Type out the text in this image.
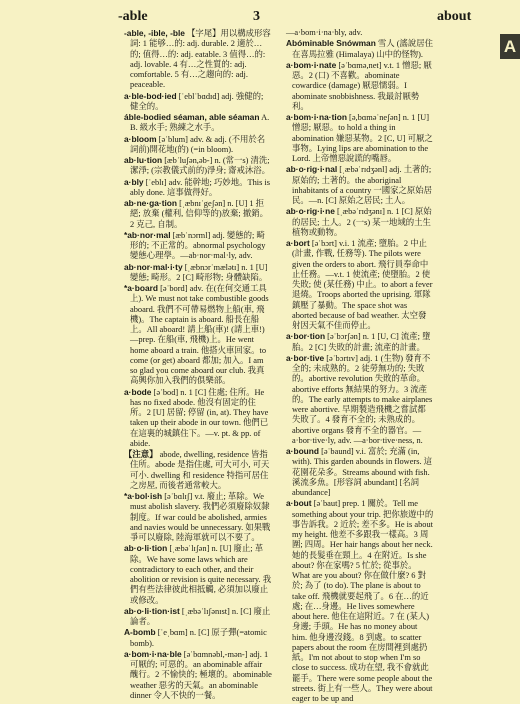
-able	3	about
A

-able, -ible, -ble 【字尾】用以構成形容詞: 1 能够…的: adj. durable. 2 適於…的; 值得…的: adj. eatable. 3 值得…的: adj. lovable. 4 有…之性質的: adj. comfortable. 5 有…之趨向的: adj. peaceable.

a·ble-bod·ied [ˈeblˈbɑdɪd] adj. 強健的; 健全的。

áble-bodied séaman, able séaman A. B. 級水手; 熟練之水手。

a·bloom [əˈblum] adv. & adj. (不用於名詞前)開花地(的) (=in bloom).

ab·lu·tion [æbˈluʃən,əb-] n. (常一s) 清洗; 潔淨; (宗教儀式前的)淨身; 齋戒沐浴。

a·bly [ˈeblɪ] adv. 能幹地; 巧妙地。This is ably done. 這事做得好。

ab·ne·ga·tion [ˌæbnɪˈgeʃən] n. [U] 1 拒絕; 放棄 (權利, 信仰等的)放棄; 撤銷。2 克己, 自制。

*ab·nor·mal [æbˈnɔrml] adj. 變態的; 畸形的; 不正常的。abnormal psychology 變態心理學。—ab·nor·mal·ly, adv.

ab·nor·mal·i·ty [ˌæbnɔrˈmælətɪ] n. 1 [U] 變態; 畸形。2 [C] 畸形物; 身體缺陷。

*a·board [əˈbord] adv. 在(在何交通工具上). We must not take combustible goods aboard. 我們不可帶易燃物上船(車, 飛機)。The captain is aboard. 船長在船上。All aboard! 請上船(車)! (請上車!)—prep. 在船(車, 飛機)上。He went home aboard a train. 他搭火車回家。to come (or get) aboard 都加; 加入。I am so glad you come aboard our club. 我真高興你加入我們的俱樂部。

a·bode [əˈbod] n. 1 [C] 住處; 住所。He has no fixed abode. 他沒有固定的住所。2 [U] 居留; 停留 (in, at). They have taken up their abode in our town. 他們已在這裏的城鎮住下。—v. pt. & pp. of abide.

【注意】 abode, dwelling, residence 皆指住所。abode 是指住處, 可大可小, 可天可小. dwelling 和 residence 特指可居住之房屋, 而後者通常較大。

*a·bol·ish [əˈbɑlɪʃ] v.t. 廢止; 革除。We must abolish slavery. 我們必須廢除奴隸制度。If war could be abolished, armies and navies would be unnecessary. 如果戰爭可以廢除, 陸海軍就可以不要了。

ab·o·li·tion [ˌæbəˈlɪʃən] n. [U] 廢止; 革除。We have some laws which are contradictory to each other, and their abolition or revision is quite necessary. 我們有些法律彼此相抵觸, 必須加以廢止或修改。

ab·o·li·tion·ist [ˌæbəˈlɪʃənɪst] n. [C] 廢止論者。

A-bomb [ˈeˌbɑm] n. [C] 原子彈(=atomic bomb).

a·bom·i·na·ble [əˈbɑmnəbl,-mən-] adj. 1 可厭的; 可惡的。an abominable affair 醜行。2 不愉快的; 極壞的。abominable weather 惡劣的天氣。an abominable dinner 令人不快的一餐。

—a·bom·i·na·bly, adv.

Abóminable Snówman 雪人 (謠說居住在喜馬拉雅 (Himalaya) 山中的怪物).

a·bom·i·nate [əˈbɑmə,net] v.t. 1 憎惡; 厭惡。2 (口) 不喜歡。abominate cowardice (damage) 厭惡懦弱。I abominate snobbishness. 我最討厭勢利。

a·bom·i·na·tion [ə,bɑməˈneʃən] n. 1 [U] 憎惡; 厭惡。to hold a thing in abomination 嫌惡某物。2 [C, U] 可厭之事物。Lying lips are abomination to the Lord. 上帝憎惡說謊的嘴唇。

ab·o·rig·i·nal [ˌæbəˈrɪdʒənl] adj. 土著的; 原始的; 土著的。the aboriginal inhabitants of a country 一國家之原始居民。—n. [C] 原始之居民; 土人。

ab·o·rig·i·ne [ˌæbəˈrɪdʒənɪ] n. 1 [C] 原始的居民; 土人。2 (一s) 某一地域的土生植物或動物。

a·bort [əˈbɔrt] v.i. 1 流產; 墮胎。2 中止 (計畫, 作戰, 任務等). The pilots were given the orders to abort. 飛行員奉命中止任務。—v.t. 1 使流產; 使墮胎。2 使失敗; 使 (某任務) 中止。to abort a fever 退燒。Troops aborted the uprising. 軍隊鎮壓了暴動。The space shot was aborted because of bad weather. 太空發射因天氣不佳而停止。

a·bor·tion [əˈbɔrʃən] n. 1 [U, C] 流產; 墮胎。2 [C] 失敗的計畫; 流產的計畫。

a·bor·tive [əˈbɔrtɪv] adj. 1 (生物) 發育不全的; 未成熟的。2 徒勞無功的; 失敗的。abortive revolution 失敗的革命。abortive efforts 無結果的努力。3 流產的。The early attempts to make airplanes were abortive. 早期製造飛機之嘗試都失敗了。4 發育不全的; 未熟成的。abortive organs 發育不全的器官。—a·bor·tive·ly, adv. —a·bor·tive·ness, n.

a·bound [əˈbaund] v.i. 富於; 充滿 (in, with). This garden abounds in flowers. 這花園花朵多。Streams abound with fish. 溪流多魚。[形容詞 abundant] [名詞 abundance]

a·bout [əˈbaut] prep. 1 關於。Tell me something about your trip. 把你旅遊中的事告訴我。2 近於; 差不多。He is about my height. 他差不多跟我一樣高。3 周圍; 四周。Her hair hangs about her neck. 她的長髮垂在頸上。4 在附近。Is she about? 你在家嗎? 5 忙於; 從事於。What are you about? 你在做什麼? 6 對於; 為了 (to do). The plane is about to take off. 飛機就要起飛了。6 在…的近處; 在…身邊。He lives somewhere about here. 他住在這附近。7 在 (某人) 身邊; 手頭。He has no money about him. 他身邊沒錢。8 到處。to scatter papers about the room 在房間裡到處扔紙。I'm not about to stop when I'm so close to success. 成功在望, 我不會就此罷手。There were some people about the streets. 街上有一些人。They were about eager to be up and
